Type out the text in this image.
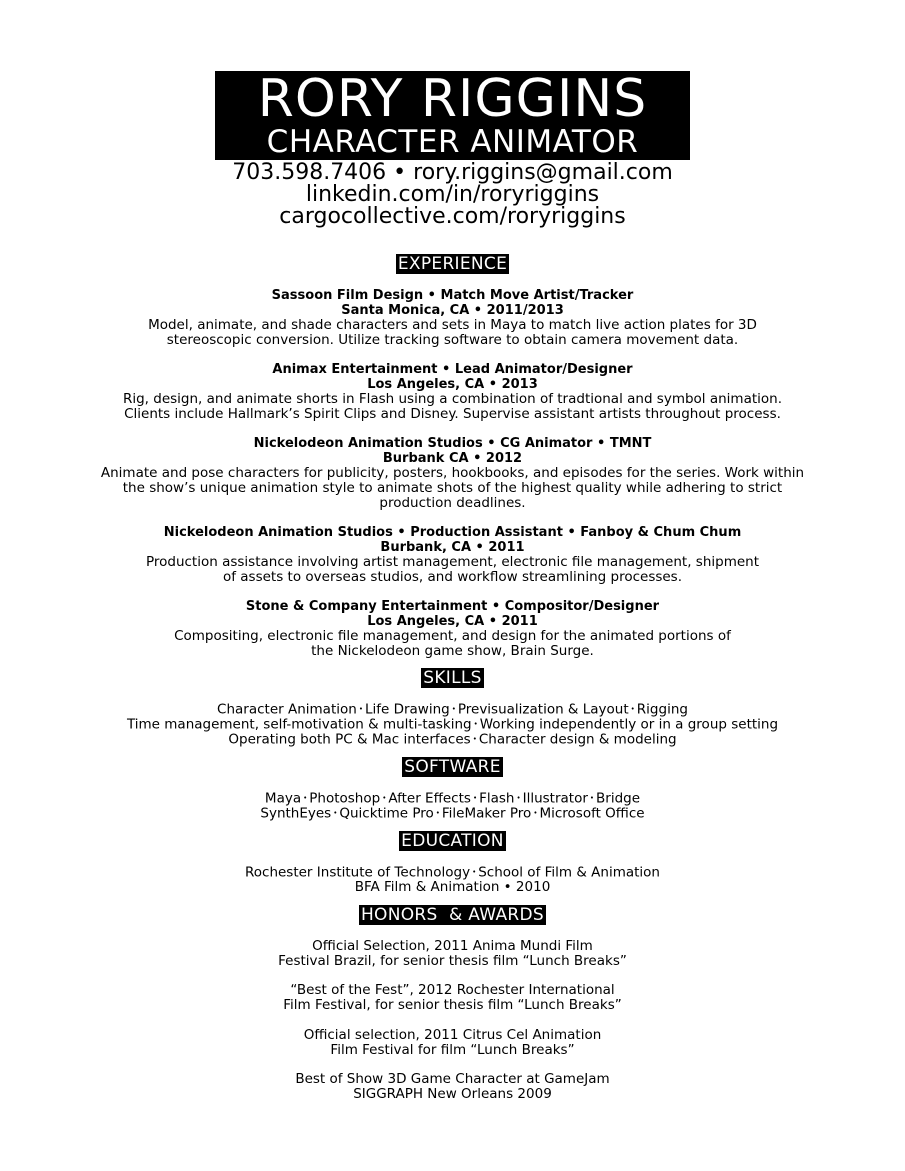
RORY RIGGINS
CHARACTER ANIMATOR
703.598.7406 • rory.riggins@gmail.com
linkedin.com/in/roryriggins
cargocollective.com/roryriggins
EXPERIENCE
Sassoon Film Design • Match Move Artist/Tracker
Santa Monica, CA • 2011/2013
Model, animate, and shade characters and sets in Maya to match live action plates for 3D
stereoscopic conversion. Utilize tracking software to obtain camera movement data.
Animax Entertainment • Lead Animator/Designer
Los Angeles, CA • 2013
Rig, design, and animate shorts in Flash using a combination of tradtional and symbol animation.
Clients include Hallmark’s Spirit Clips and Disney. Supervise assistant artists throughout process.
Nickelodeon Animation Studios • CG Animator • TMNT
Burbank CA • 2012
Animate and pose characters for publicity, posters, hookbooks, and episodes for the series. Work within
the show’s unique animation style to animate shots of the highest quality while adhering to strict
production deadlines.
Nickelodeon Animation Studios • Production Assistant • Fanboy & Chum Chum
Burbank, CA • 2011
Production assistance involving artist management, electronic file management, shipment
of assets to overseas studios, and workflow streamlining processes.
Stone & Company Entertainment • Compositor/Designer
Los Angeles, CA • 2011
Compositing, electronic file management, and design for the animated portions of
the Nickelodeon game show, Brain Surge.
SKILLS
Character Animation • Life Drawing • Previsualization & Layout • Rigging
Time management, self-motivation & multi-tasking • Working independently or in a group setting
Operating both PC & Mac interfaces • Character design & modeling
SOFTWARE
Maya • Photoshop • After Effects • Flash • Illustrator • Bridge
SynthEyes • Quicktime Pro • FileMaker Pro • Microsoft Office
EDUCATION
Rochester Institute of Technology • School of Film & Animation
BFA Film & Animation • 2010
HONORS  & AWARDS
Official Selection, 2011 Anima Mundi Film
Festival Brazil, for senior thesis film “Lunch Breaks”
“Best of the Fest”, 2012 Rochester International
Film Festival, for senior thesis film “Lunch Breaks”
Official selection, 2011 Citrus Cel Animation
Film Festival for film “Lunch Breaks”
Best of Show 3D Game Character at GameJam
SIGGRAPH New Orleans 2009
